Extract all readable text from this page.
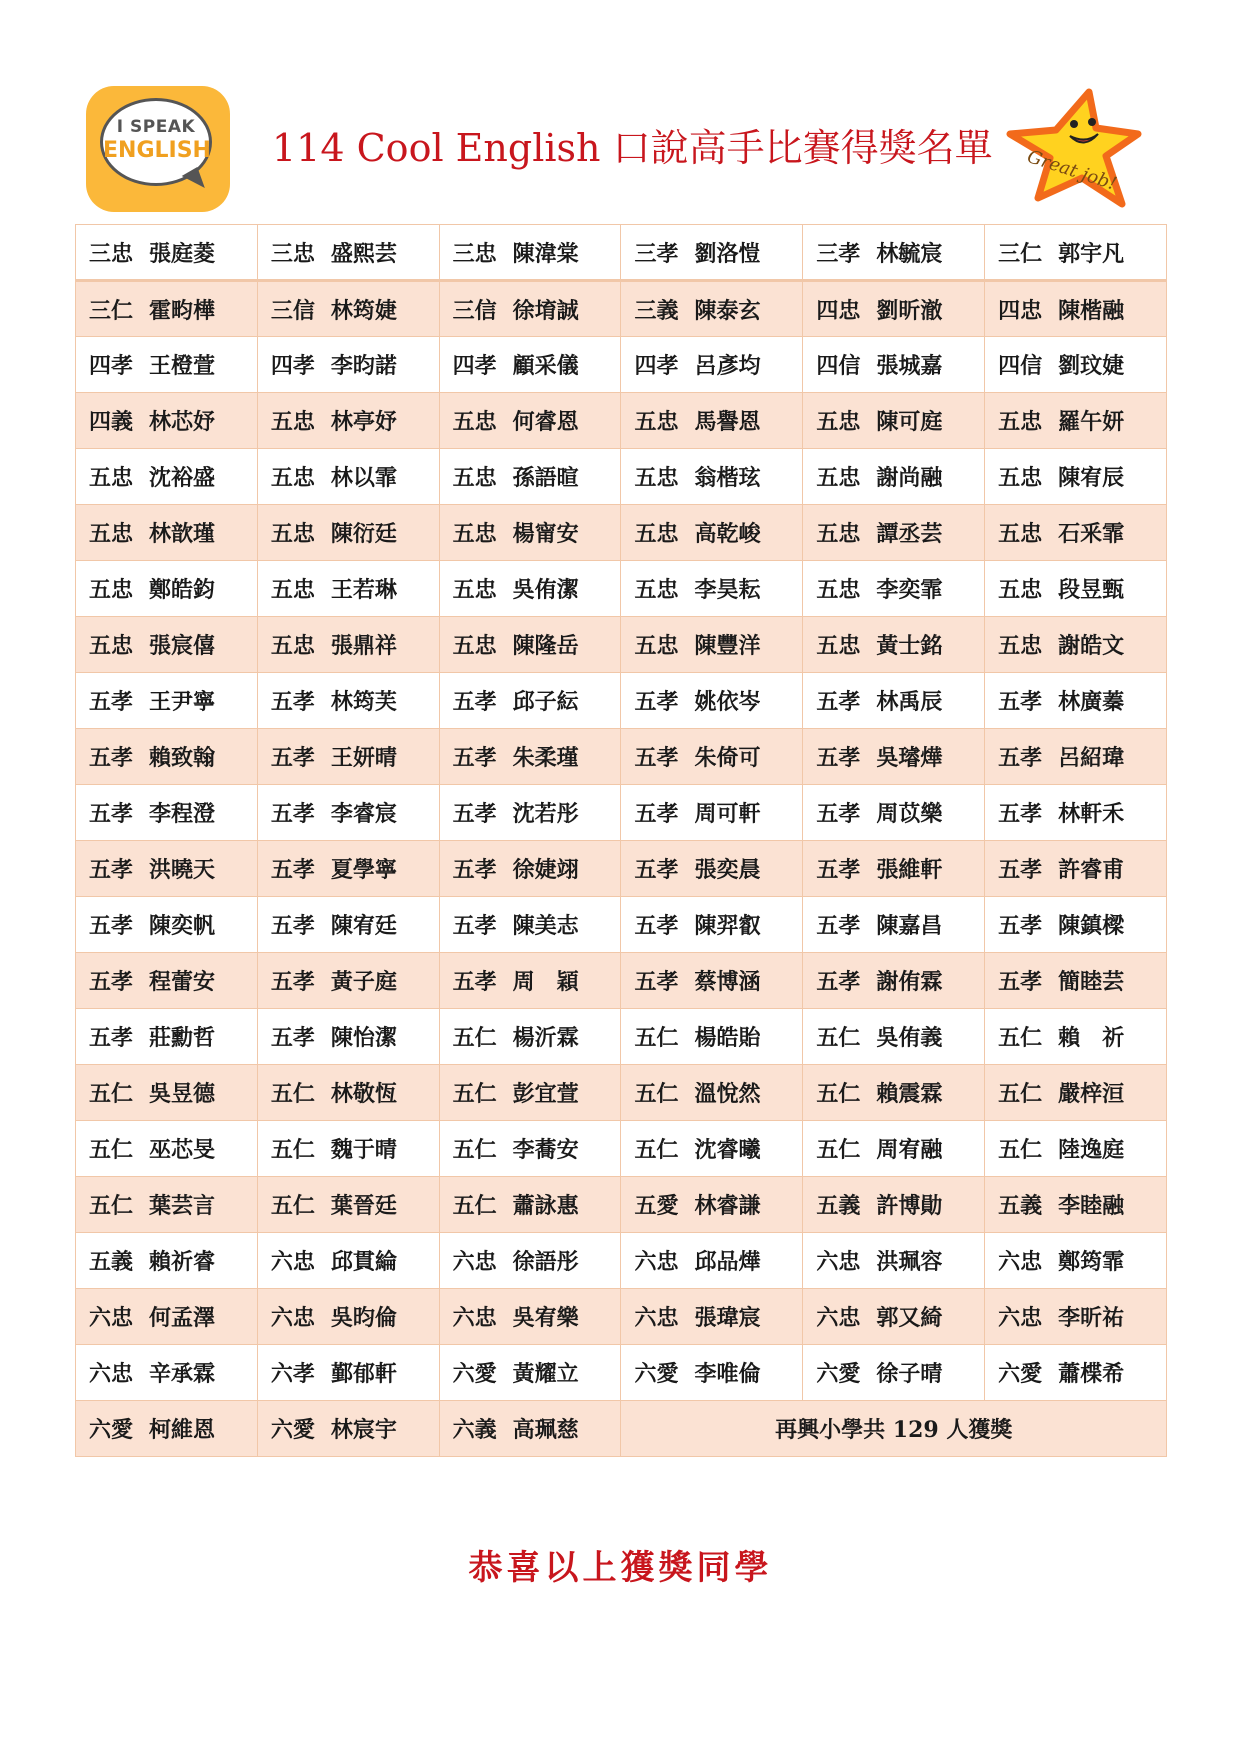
I SPEAK
ENGLISH 114 Cool English 口說高手比賽得獎名單 Great job!
三忠 張庭菱	三忠 盛熙芸	三忠 陳湋棠	三孝 劉洛愷	三孝 林毓宸	三仁 郭宇凡
三仁 霍畇樺	三信 林筠婕	三信 徐堉誠	三義 陳泰玄	四忠 劉昕澈	四忠 陳楷融
四孝 王橙萱	四孝 李昀諾	四孝 顧采儀	四孝 呂彥均	四信 張城嘉	四信 劉玟婕
四義 林芯妤	五忠 林亭妤	五忠 何睿恩	五忠 馬譽恩	五忠 陳可庭	五忠 羅午妍
五忠 沈裕盛	五忠 林以霏	五忠 孫語暄	五忠 翁楷玹	五忠 謝尚融	五忠 陳宥辰
五忠 林歆瑾	五忠 陳衍廷	五忠 楊甯安	五忠 高乾峻	五忠 譚丞芸	五忠 石釆霏
五忠 鄭皓鈞	五忠 王若琳	五忠 吳侑潔	五忠 李昊耘	五忠 李奕霏	五忠 段昱甄
五忠 張宸僖	五忠 張鼎祥	五忠 陳隆岳	五忠 陳豐洋	五忠 黃士銘	五忠 謝皓文
五孝 王尹寧	五孝 林筠芙	五孝 邱子紜	五孝 姚依岑	五孝 林禹辰	五孝 林廣蓁
五孝 賴致翰	五孝 王妍晴	五孝 朱柔瑾	五孝 朱倚可	五孝 吳璿燁	五孝 呂紹瑋
五孝 李程澄	五孝 李睿宸	五孝 沈若彤	五孝 周可軒	五孝 周苡樂	五孝 林軒禾
五孝 洪曉天	五孝 夏學寧	五孝 徐婕翊	五孝 張奕晨	五孝 張維軒	五孝 許睿甫
五孝 陳奕帆	五孝 陳宥廷	五孝 陳美志	五孝 陳羿叡	五孝 陳嘉昌	五孝 陳鎮樑
五孝 程蕾安	五孝 黃子庭	五孝 周　穎	五孝 蔡博涵	五孝 謝侑霖	五孝 簡睦芸
五孝 莊勳哲	五孝 陳怡潔	五仁 楊沂霖	五仁 楊皓貽	五仁 吳侑義	五仁 賴　祈
五仁 吳昱德	五仁 林敬恆	五仁 彭宜萱	五仁 溫悅然	五仁 賴震霖	五仁 嚴梓洹
五仁 巫芯旻	五仁 魏于晴	五仁 李蕎安	五仁 沈睿曦	五仁 周宥融	五仁 陸逸庭
五仁 葉芸言	五仁 葉晉廷	五仁 蕭詠惠	五愛 林睿謙	五義 許博勛	五義 李睦融
五義 賴祈睿	六忠 邱貫綸	六忠 徐語彤	六忠 邱品燁	六忠 洪珮容	六忠 鄭筠霏
六忠 何孟澤	六忠 吳昀倫	六忠 吳宥樂	六忠 張瑋宸	六忠 郭又綺	六忠 李昕祐
六忠 辛承霖	六孝 鄞郁軒	六愛 黃耀立	六愛 李唯倫	六愛 徐子晴	六愛 蕭楪希
六愛 柯維恩	六愛 林宸宇	六義 高珮慈	再興小學共 129 人獲獎		

恭喜以上獲獎同學
